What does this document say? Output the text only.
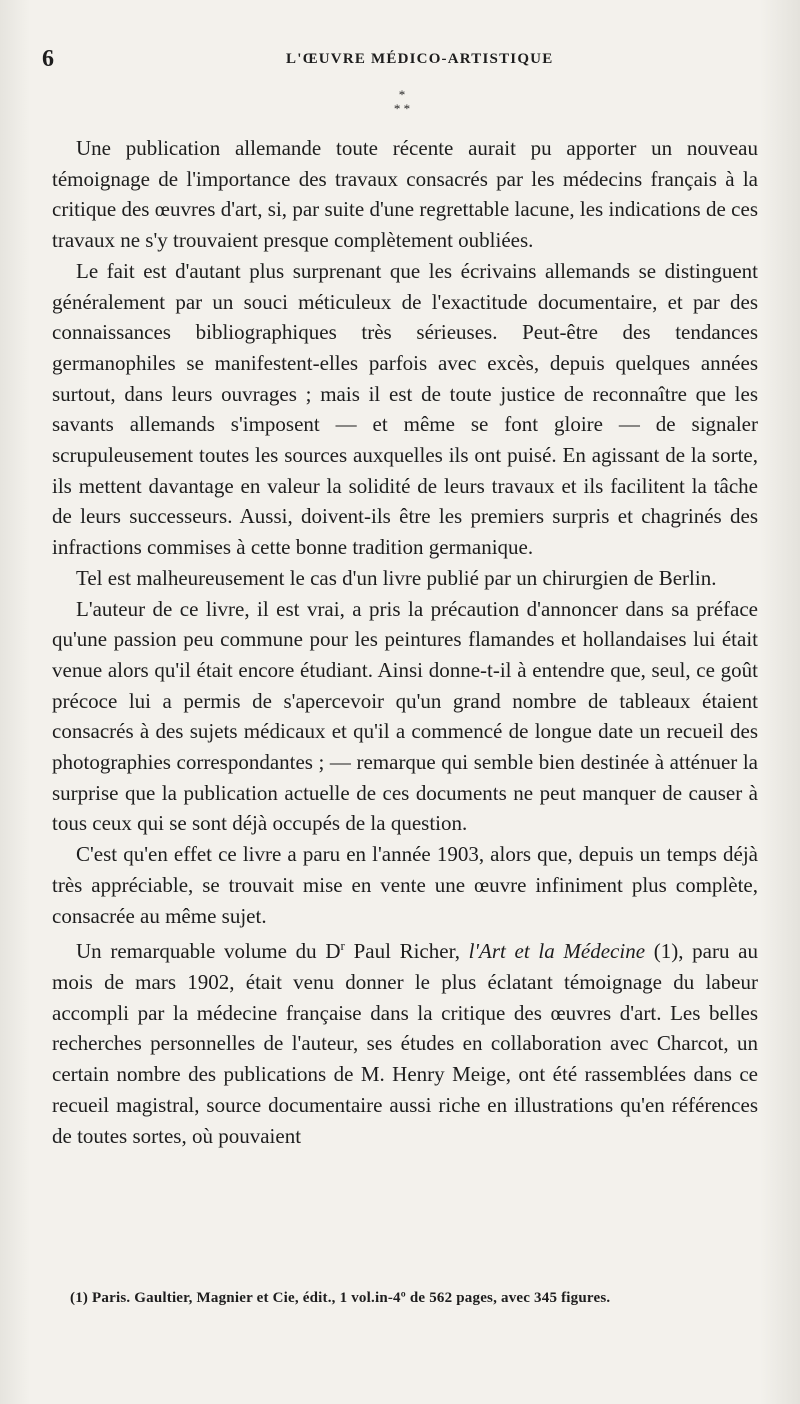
6	L'ŒUVRE MÉDICO-ARTISTIQUE
*
* *

Une publication allemande toute récente aurait pu apporter un nouveau témoignage de l'importance des travaux consacrés par les médecins français à la critique des œuvres d'art, si, par suite d'une regrettable lacune, les indications de ces travaux ne s'y trouvaient presque complètement oubliées.

Le fait est d'autant plus surprenant que les écrivains allemands se distinguent généralement par un souci méticuleux de l'exactitude documentaire, et par des connaissances bibliographiques très sérieuses. Peut-être des tendances germanophiles se manifestent-elles parfois avec excès, depuis quelques années surtout, dans leurs ouvrages ; mais il est de toute justice de reconnaître que les savants allemands s'imposent — et même se font gloire — de signaler scrupuleusement toutes les sources auxquelles ils ont puisé. En agissant de la sorte, ils mettent davantage en valeur la solidité de leurs travaux et ils facilitent la tâche de leurs successeurs. Aussi, doivent-ils être les premiers surpris et chagrinés des infractions commises à cette bonne tradition germanique.

Tel est malheureusement le cas d'un livre publié par un chirurgien de Berlin.

L'auteur de ce livre, il est vrai, a pris la précaution d'annoncer dans sa préface qu'une passion peu commune pour les peintures flamandes et hollandaises lui était venue alors qu'il était encore étudiant. Ainsi donne-t-il à entendre que, seul, ce goût précoce lui a permis de s'apercevoir qu'un grand nombre de tableaux étaient consacrés à des sujets médicaux et qu'il a commencé de longue date un recueil des photographies correspondantes ; — remarque qui semble bien destinée à atténuer la surprise que la publication actuelle de ces documents ne peut manquer de causer à tous ceux qui se sont déjà occupés de la question.

C'est qu'en effet ce livre a paru en l'année 1903, alors que, depuis un temps déjà très appréciable, se trouvait mise en vente une œuvre infiniment plus complète, consacrée au même sujet.

Un remarquable volume du $D^r$ Paul Richer, l'Art et la Médecine (1), paru au mois de mars 1902, était venu donner le plus éclatant témoignage du labeur accompli par la médecine française dans la critique des œuvres d'art. Les belles recherches personnelles de l'auteur, ses études en collaboration avec Charcot, un certain nombre des publications de M. Henry Meige, ont été rassemblées dans ce recueil magistral, source documentaire aussi riche en illustrations qu'en références de toutes sortes, où pouvaient

(1) Paris. Gaultier, Magnier et Cie, édit., 1 vol.in-4º de 562 pages, avec 345 figures.
